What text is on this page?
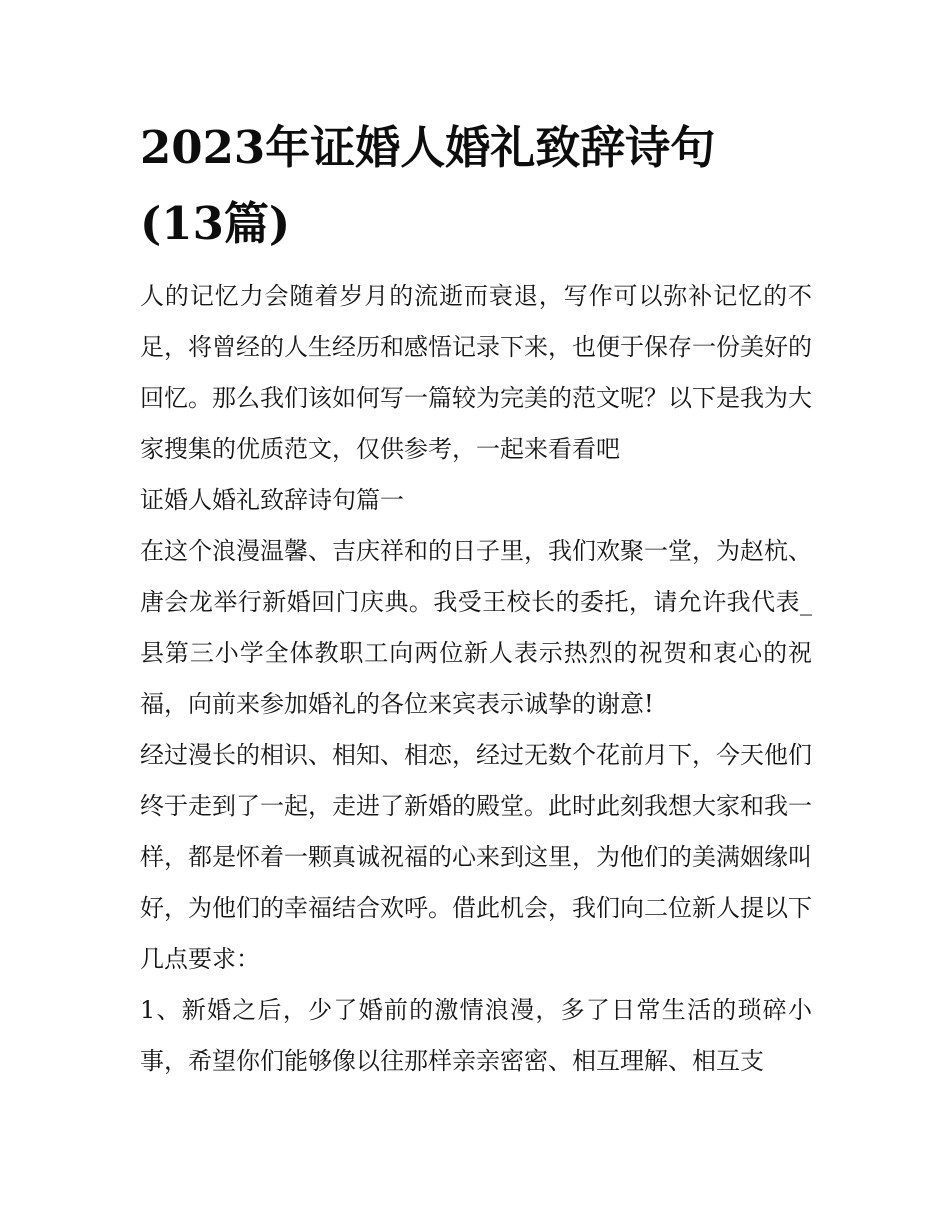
2023年证婚人婚礼致辞诗句
(13篇)

人的记忆力会随着岁月的流逝而衰退，写作可以弥补记忆的不足，将曾经的人生经历和感悟记录下来，也便于保存一份美好的回忆。那么我们该如何写一篇较为完美的范文呢？以下是我为大家搜集的优质范文，仅供参考，一起来看看吧

证婚人婚礼致辞诗句篇一

在这个浪漫温馨、吉庆祥和的日子里，我们欢聚一堂，为赵杭、唐会龙举行新婚回门庆典。我受王校长的委托，请允许我代表_县第三小学全体教职工向两位新人表示热烈的祝贺和衷心的祝福，向前来参加婚礼的各位来宾表示诚挚的谢意!

经过漫长的相识、相知、相恋，经过无数个花前月下，今天他们终于走到了一起，走进了新婚的殿堂。此时此刻我想大家和我一样，都是怀着一颗真诚祝福的心来到这里，为他们的美满姻缘叫好，为他们的幸福结合欢呼。借此机会，我们向二位新人提以下几点要求：

1、新婚之后，少了婚前的激情浪漫，多了日常生活的琐碎小事，希望你们能够像以往那样亲亲密密、相互理解、相互支
